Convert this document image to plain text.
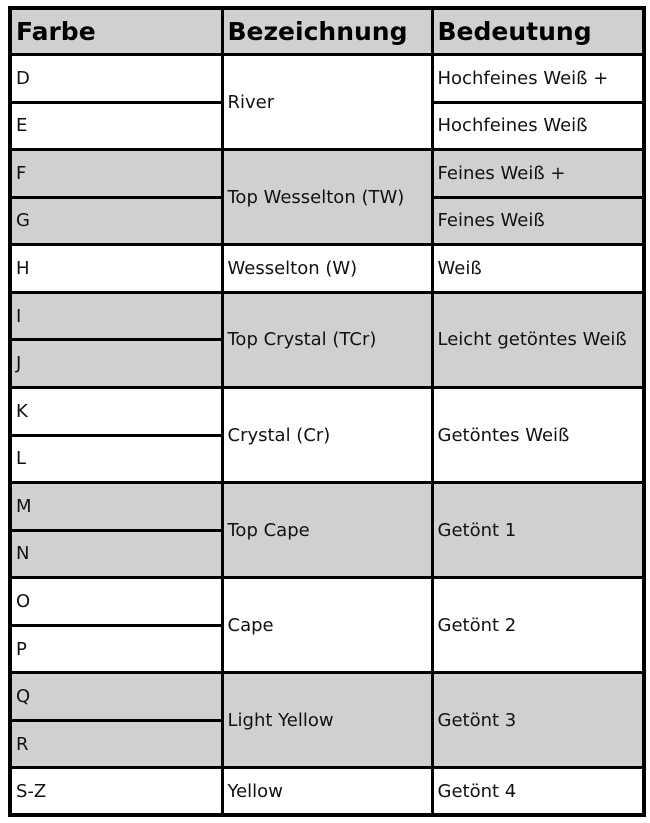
Farbe	Bezeichnung	Bedeutung
D	River	Hochfeines Weiß +
E		Hochfeines Weiß
F	Top Wesselton (TW)	Feines Weiß +
G		Feines Weiß
H	Wesselton (W)	Weiß
I	Top Crystal (TCr)	Leicht getöntes Weiß
J		
K	Crystal (Cr)	Getöntes Weiß
L		
M	Top Cape	Getönt 1
N		
O	Cape	Getönt 2
P		
Q	Light Yellow	Getönt 3
R		
S-Z	Yellow	Getönt 4
